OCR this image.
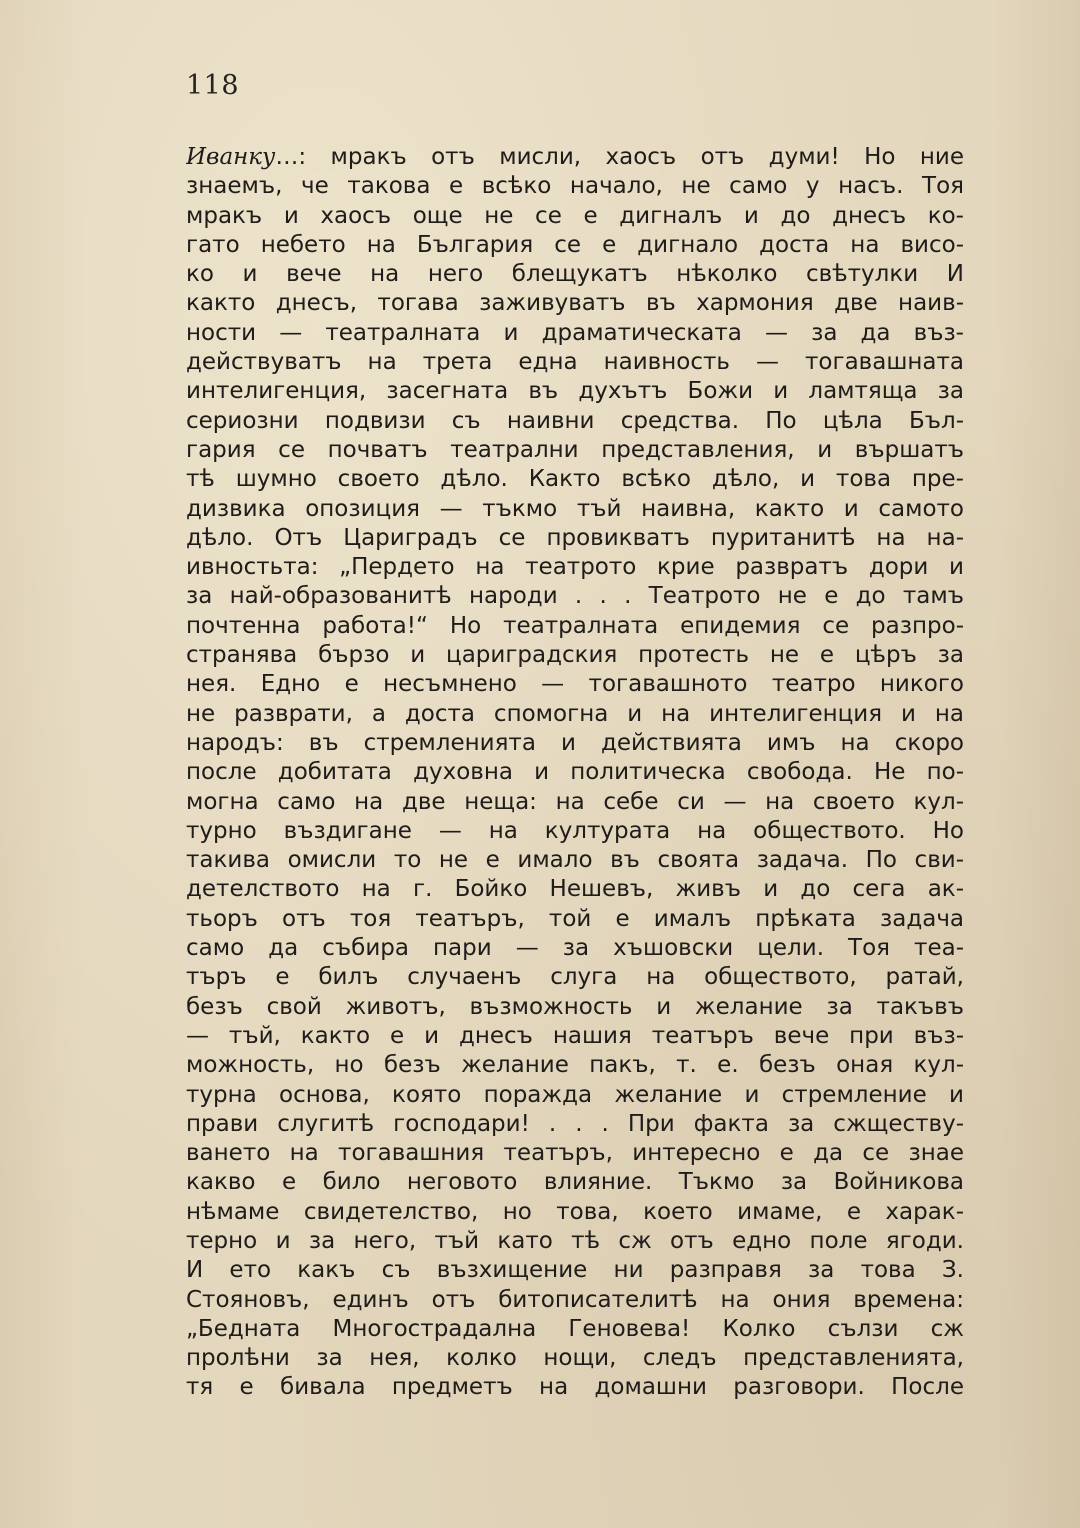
118
Иванку…: мракъ отъ мисли, хаосъ отъ думи! Но ние
знаемъ, че такова е всѣко начало, не само у насъ. Тоя
мракъ и хаосъ още не се е дигналъ и до днесъ ко-
гато небето на България се е дигнало доста на висо-
ко и вече на него блещукатъ нѣколко свѣтулки И
както днесъ, тогава заживуватъ въ хармония две наив-
ности — театралната и драматическата — за да въз-
действуватъ на трета една наивность — тогавашната
интелигенция, засегната въ духътъ Божи и ламтяща за
сериозни подвизи съ наивни средства. По цѣла Бъл-
гария се почватъ театрални представления, и вършатъ
тѣ шумно своето дѣло. Както всѣко дѣло, и това пре-
дизвика опозиция — тъкмо тъй наивна, както и самото
дѣло. Отъ Цариградъ се провикватъ пуританитѣ на на-
ивностьта: „Пердето на театрото крие развратъ дори и
за най-образованитѣ народи . . . Театрото не е до тамъ
почтенна работа!“ Но театралната епидемия се разпро-
странява бързо и цариградския протесть не е цѣръ за
нея. Едно е несъмнено — тогавашното театро никого
не разврати, а доста спомогна и на интелигенция и на
народъ: въ стремленията и действията имъ на скоро
после добитата духовна и политическа свобода. Не по-
могна само на две неща: на себе си — на своето кул-
турно въздигане — на културата на обществото. Но
такива омисли то не е имало въ своята задача. По сви-
детелството на г. Бойко Нешевъ, живъ и до сега ак-
тьоръ отъ тоя театъръ, той е ималъ прѣката задача
само да събира пари — за хъшовски цели. Тоя теа-
търъ е билъ случаенъ слуга на обществото, ратай,
безъ свой животъ, възможность и желание за такъвъ
— тъй, както е и днесъ нашия театъръ вече при въз-
можность, но безъ желание пакъ, т. е. безъ оная кул-
турна основа, която поражда желание и стремление и
прави слугитѣ господари! . . . При факта за сжществу-
ването на тогавашния театъръ, интересно е да се знае
какво е било неговото влияние. Тъкмо за Войникова
нѣмаме свидетелство, но това, което имаме, е харак-
терно и за него, тъй като тѣ сж отъ едно поле ягоди.
И ето какъ съ възхищение ни разправя за това З.
Стояновъ, единъ отъ битописателитѣ на ония времена:
„Бедната Многострадална Геновева! Колко сълзи сж
пролѣни за нея, колко нощи, следъ представленията,
тя е бивала предметъ на домашни разговори. После
